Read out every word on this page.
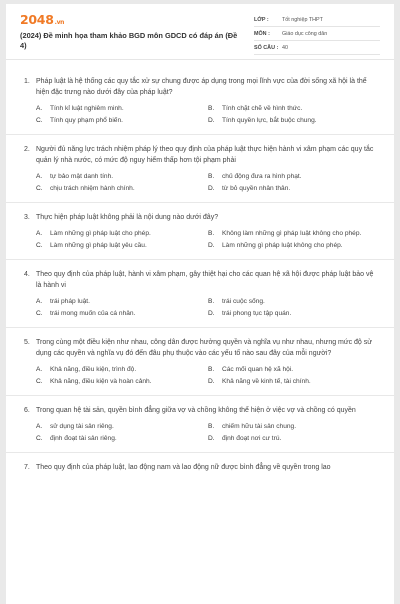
2048.vn
(2024) Đề minh họa tham khảo BGD môn GDCD có đáp án (Đề 4)
LỚP :	Tốt nghiệp THPT
MÔN :	Giáo dục công dân
SỐ CÂU : 40
1. Pháp luật là hệ thống các quy tắc xử sự chung được áp dụng trong mọi lĩnh vực của đời sống xã hội là thể hiện đặc trưng nào dưới đây của pháp luật?
A.	Tính kỉ luật nghiêm minh.	B.	Tính chặt chẽ về hình thức.
C.	Tính quy phạm phổ biến.	D.	Tính quyền lực, bắt buộc chung.
2. Người đủ năng lực trách nhiệm pháp lý theo quy định của pháp luật thực hiện hành vi xâm phạm các quy tắc quản lý nhà nước, có mức độ nguy hiểm thấp hơn tội phạm phải
A.	tự bảo mật danh tính.	B.	chủ động đưa ra hình phạt.
C.	chịu trách nhiệm hành chính.	D.	từ bỏ quyền nhân thân.
3. Thực hiện pháp luật không phải là nội dung nào dưới đây?
A.	Làm những gì pháp luật cho phép.	B.	Không làm những gì pháp luật không cho phép.
C.	Làm những gì pháp luật yêu cầu.	D.	Làm những gì pháp luật không cho phép.
4. Theo quy định của pháp luật, hành vi xâm phạm, gây thiệt hại cho các quan hệ xã hội được pháp luật bảo vệ là hành vi
A.	trái pháp luật.	B.	trái cuộc sống.
C.	trái mong muốn của cá nhân.	D.	trái phong tục tập quán.
5. Trong cùng một điều kiện như nhau, công dân được hưởng quyền và nghĩa vụ như nhau, nhưng mức độ sử dụng các quyền và nghĩa vụ đó đến đâu phụ thuộc vào các yếu tố nào sau đây của mỗi người?
A.	Khả năng, điều kiện, trình độ.	B.	Các mối quan hệ xã hội.
C.	Khả năng, điều kiện và hoàn cảnh.	D.	Khả năng về kinh tế, tài chính.
6. Trong quan hệ tài sản, quyền bình đẳng giữa vợ và chồng không thể hiện ở việc vợ và chồng có quyền
A.	sử dụng tài sản riêng.	B.	chiếm hữu tài sản chung.
C.	định đoạt tài sản riêng.	D.	định đoạt nơi cư trú.
7. Theo quy định của pháp luật, lao động nam và lao động nữ được bình đẳng về quyền trong lao
